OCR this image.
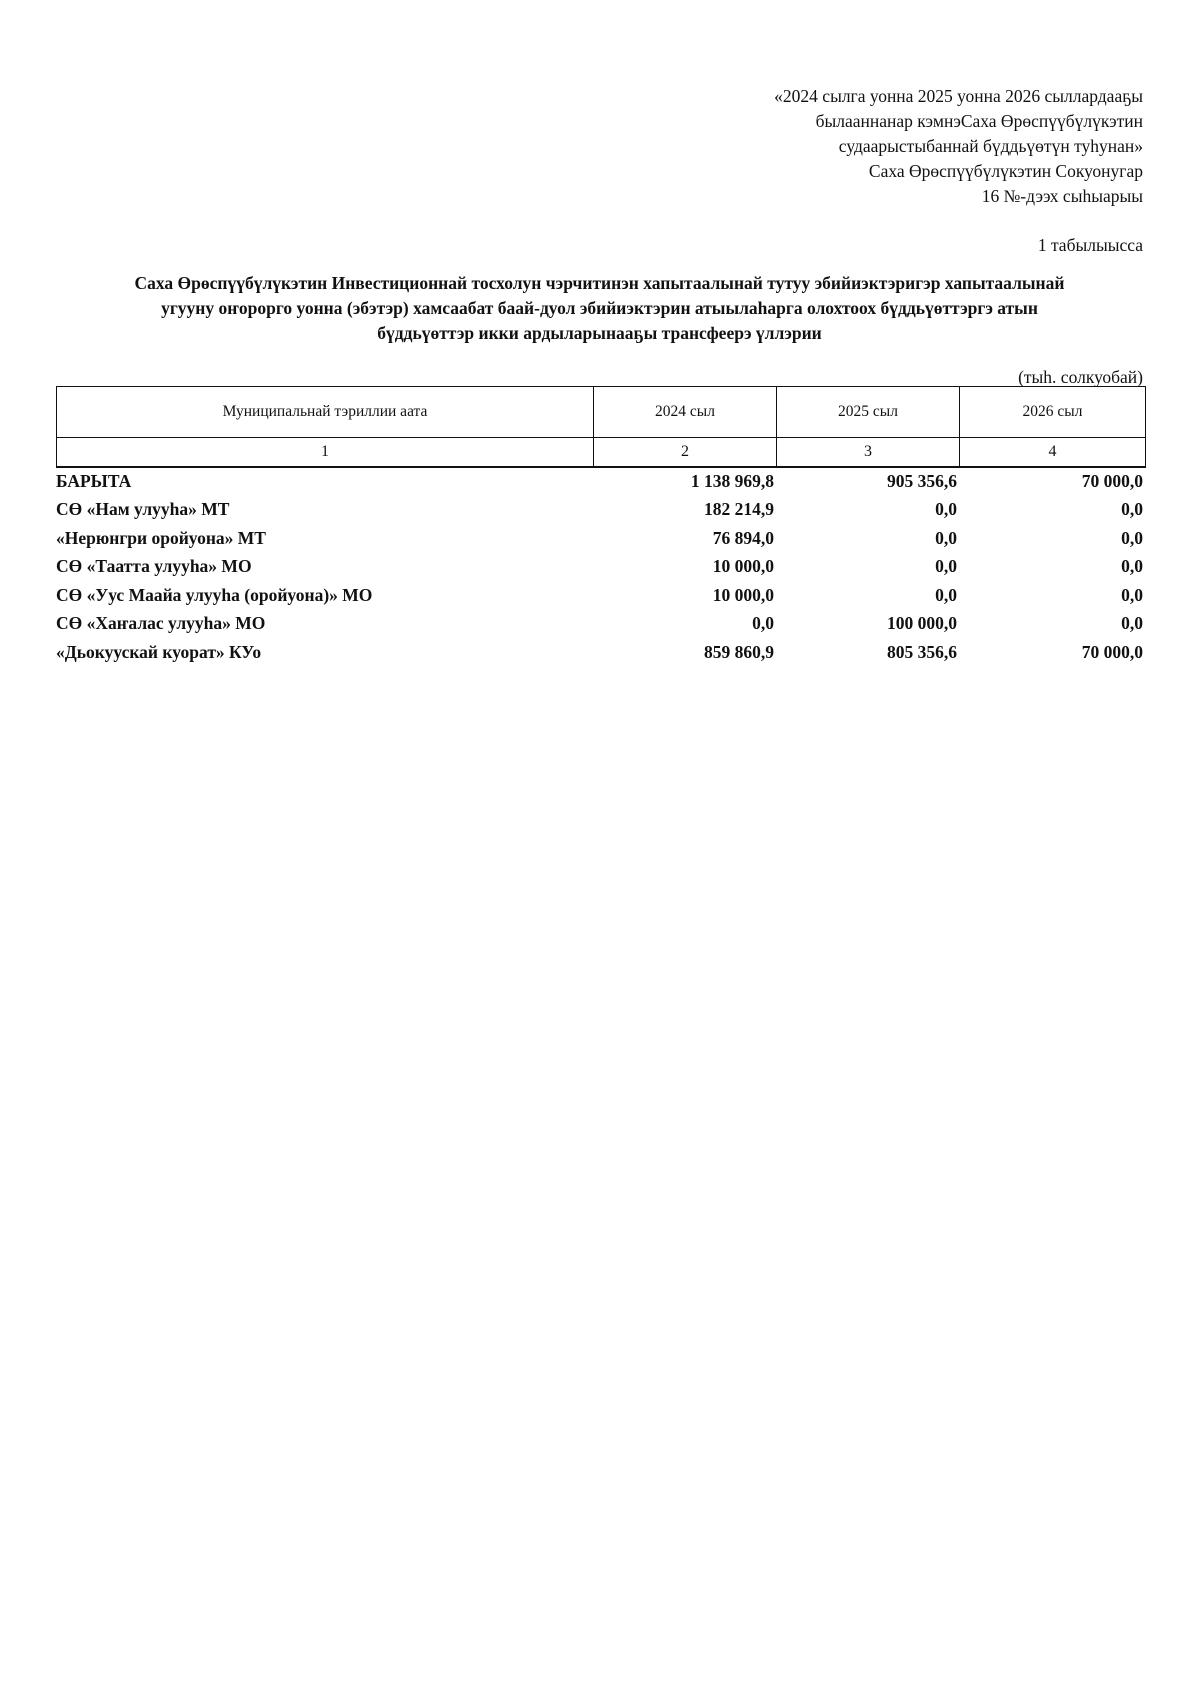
«2024 сылга уонна 2025 уонна 2026 сыллардааҕы
былааннанар кэмнэСаха Өрөспүүбүлүкэтин
судаарыстыбаннай бүддьүөтүн туһунан»
Саха Өрөспүүбүлүкэтин Сокуонугар
16 №-дээх сыһыарыы
1 табылыысса
Саха Өрөспүүбүлүкэтин Инвестиционнай тосхолун чэрчитинэн хапытаалынай тутуу эбийиэктэригэр хапытаалынай
угууну оҥорорго уонна (эбэтэр) хамсаабат баай-дуол эбийиэктэрин атыылаһарга олохтоох бүддьүөттэргэ атын
бүддьүөттэр икки ардыларынааҕы трансфеерэ үллэрии
(тыһ. солкуобай)
Муниципальнай тэриллии аата	2024 сыл	2025 сыл	2026 сыл
1	2	3	4
БАРЫТА	1 138 969,8	905 356,6	70 000,0
СӨ «Нам улууһа» МТ	182 214,9	0,0	0,0
«Нерюнгри оройуона» МТ	76 894,0	0,0	0,0
СӨ «Таатта улууһа» МО	10 000,0	0,0	0,0
СӨ «Уус Маайа улууһа (оройуона)» МО	10 000,0	0,0	0,0
СӨ «Хаҥалас улууһа» МО	0,0	100 000,0	0,0
«Дьокуускай куорат» КУо	859 860,9	805 356,6	70 000,0
